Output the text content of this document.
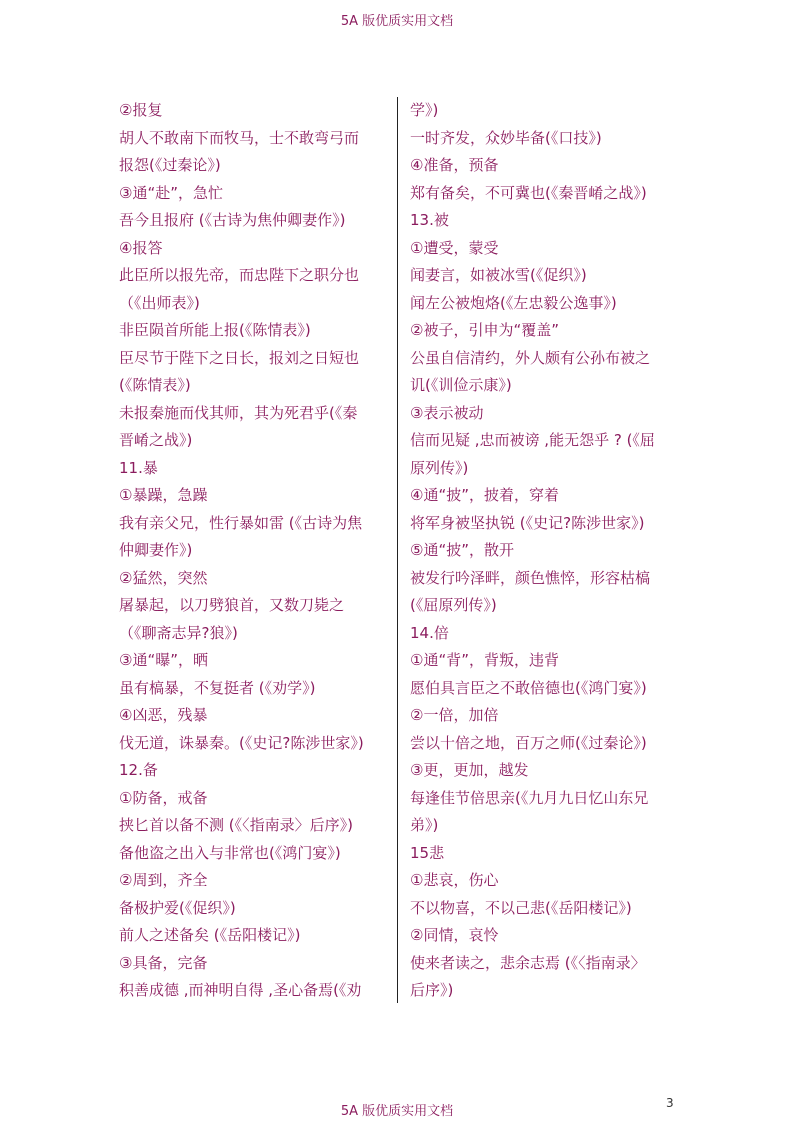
5A 版优质实用文档
②报复
胡人不敢南下而牧马，士不敢弯弓而
报怨(《过秦论》)
③通“赴”，急忙
吾今且报府 (《古诗为焦仲卿妻作》)
④报答
此臣所以报先帝，而忠陛下之职分也
（《出师表》)
非臣陨首所能上报(《陈情表》)
臣尽节于陛下之日长，报刘之日短也
(《陈情表》)
未报秦施而伐其师，其为死君乎(《秦
晋崤之战》)
11.暴
①暴躁，急躁
我有亲父兄，性行暴如雷 (《古诗为焦
仲卿妻作》)
②猛然，突然
屠暴起，以刀劈狼首，又数刀毙之
（《聊斋志异?狼》)
③通“曝”，晒
虽有槁暴，不复挺者 (《劝学》)
④凶恶，残暴
伐无道，诛暴秦。(《史记?陈涉世家》)
12.备
①防备，戒备
挟匕首以备不测 (《〈指南录〉后序》)
备他盗之出入与非常也(《鸿门宴》)
②周到，齐全
备极护爱(《促织》)
前人之述备矣 (《岳阳楼记》)
③具备，完备
积善成德 ,而神明自得 ,圣心备焉(《劝
学》)
一时齐发，众妙毕备(《口技》)
④准备，预备
郑有备矣，不可冀也(《秦晋崤之战》)
13.被
①遭受，蒙受
闻妻言，如被冰雪(《促织》)
闻左公被炮烙(《左忠毅公逸事》)
②被子，引申为“覆盖”
公虽自信清约，外人颇有公孙布被之
讥(《训俭示康》)
③表示被动
信而见疑 ,忠而被谤 ,能无怨乎 ? (《屈
原列传》)
④通“披”，披着，穿着
将军身被坚执锐 (《史记?陈涉世家》)
⑤通“披”，散开
被发行吟泽畔，颜色憔悴，形容枯槁
(《屈原列传》)
14.倍
①通“背”，背叛，违背
愿伯具言臣之不敢倍德也(《鸿门宴》)
②一倍，加倍
尝以十倍之地，百万之师(《过秦论》)
③更，更加，越发
每逢佳节倍思亲(《九月九日忆山东兄
弟》)
15悲
①悲哀，伤心
不以物喜，不以己悲(《岳阳楼记》)
②同情，哀怜
使来者读之，悲余志焉 (《〈指南录〉
后序》)
3
5A 版优质实用文档
